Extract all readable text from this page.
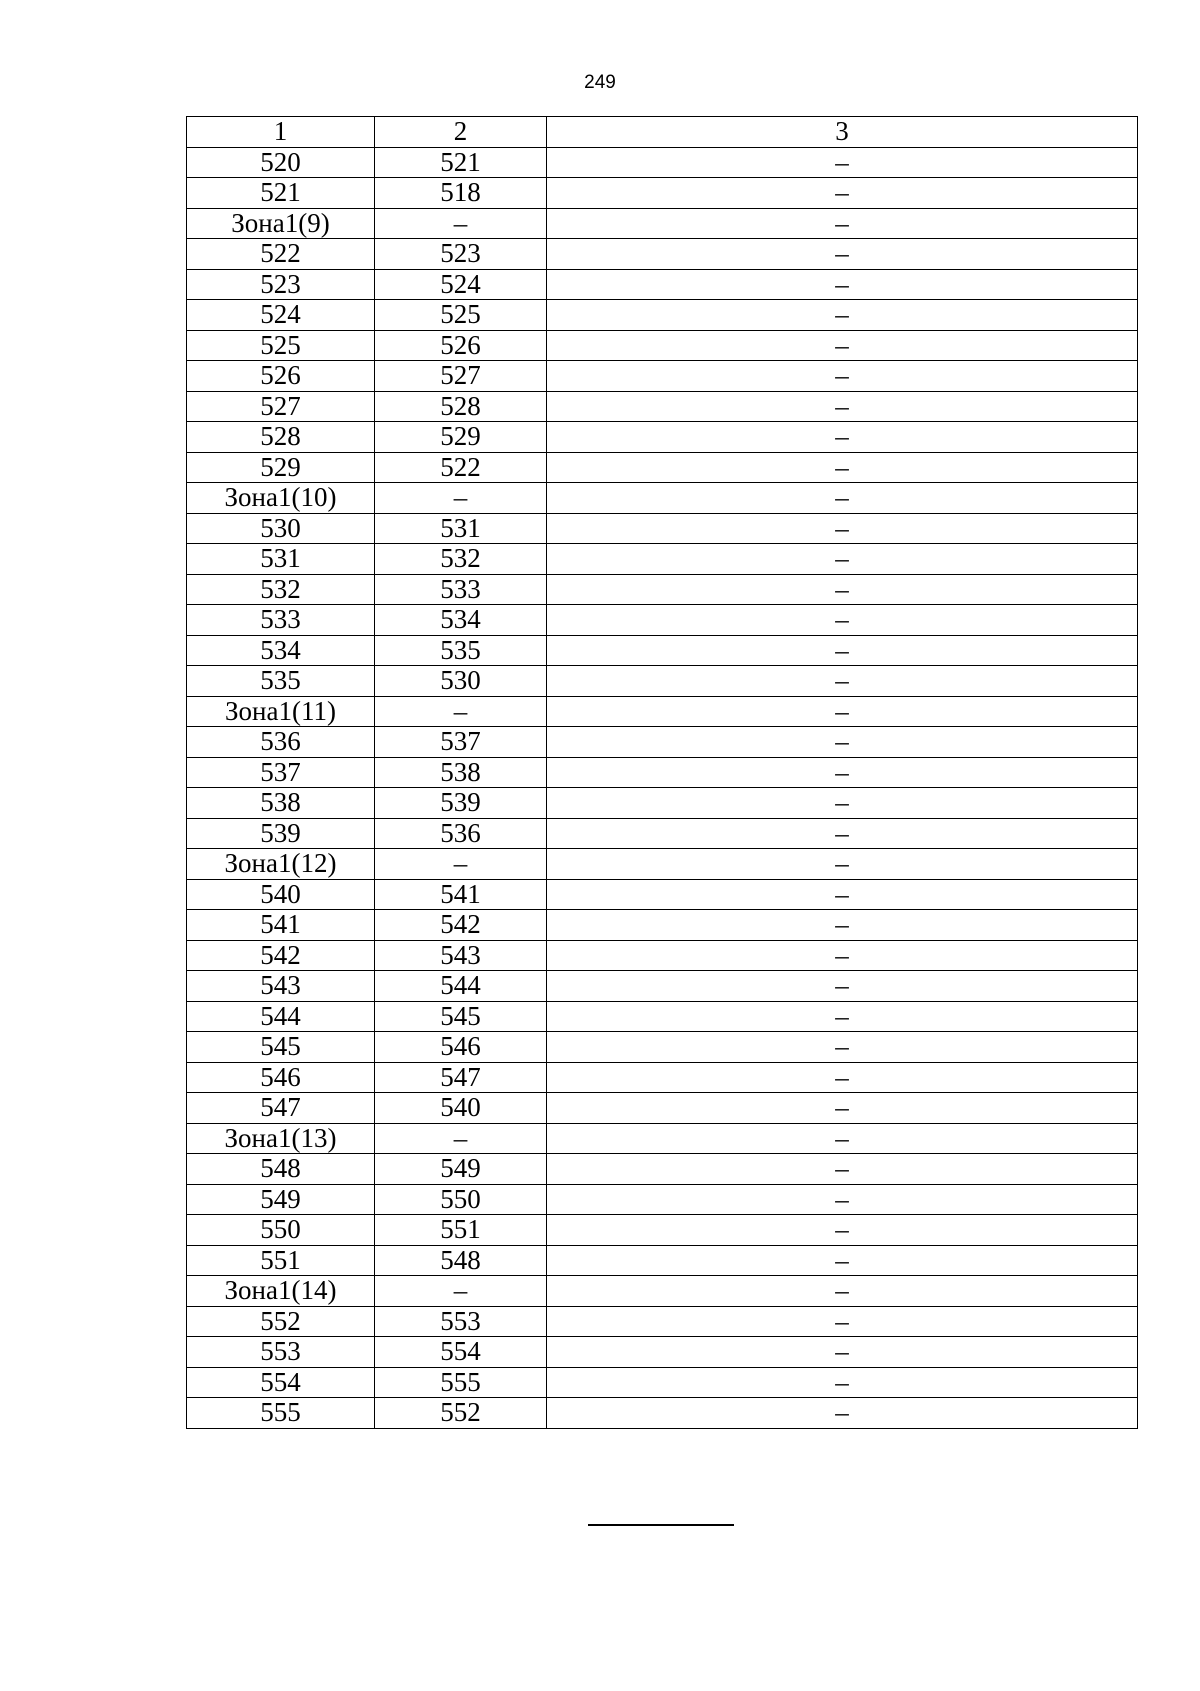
249
1	2	3
520	521	–
521	518	–
Зона1(9)	–	–
522	523	–
523	524	–
524	525	–
525	526	–
526	527	–
527	528	–
528	529	–
529	522	–
Зона1(10)	–	–
530	531	–
531	532	–
532	533	–
533	534	–
534	535	–
535	530	–
Зона1(11)	–	–
536	537	–
537	538	–
538	539	–
539	536	–
Зона1(12)	–	–
540	541	–
541	542	–
542	543	–
543	544	–
544	545	–
545	546	–
546	547	–
547	540	–
Зона1(13)	–	–
548	549	–
549	550	–
550	551	–
551	548	–
Зона1(14)	–	–
552	553	–
553	554	–
554	555	–
555	552	–
